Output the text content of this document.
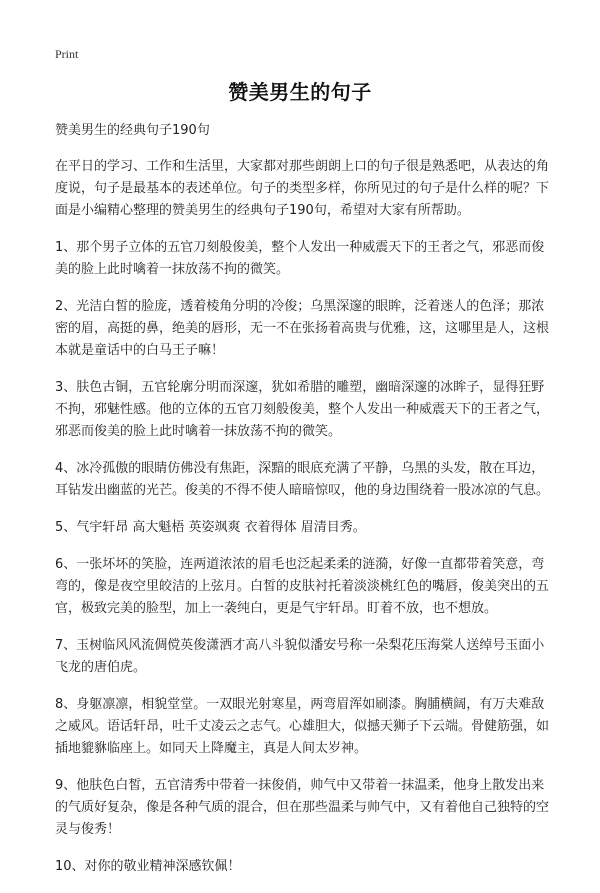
Print
赞美男生的句子

赞美男生的经典句子190句

在平日的学习、工作和生活里，大家都对那些朗朗上口的句子很是熟悉吧，从表达的角度说，句子是最基本的表述单位。句子的类型多样，你所见过的句子是什么样的呢？下面是小编精心整理的赞美男生的经典句子190句，希望对大家有所帮助。

1、那个男子立体的五官刀刻般俊美，整个人发出一种威震天下的王者之气，邪恶而俊美的脸上此时噙着一抹放荡不拘的微笑。

2、光洁白皙的脸庞，透着棱角分明的冷俊；乌黑深邃的眼眸，泛着迷人的色泽；那浓密的眉，高挺的鼻，绝美的唇形，无一不在张扬着高贵与优雅，这，这哪里是人，这根本就是童话中的白马王子嘛！

3、肤色古铜，五官轮廓分明而深邃，犹如希腊的雕塑，幽暗深邃的冰眸子，显得狂野不拘，邪魅性感。他的立体的五官刀刻般俊美，整个人发出一种威震天下的王者之气，邪恶而俊美的脸上此时噙着一抹放荡不拘的微笑。

4、冰冷孤傲的眼睛仿佛没有焦距，深黯的眼底充满了平静，乌黑的头发，散在耳边，耳钻发出幽蓝的光芒。俊美的不得不使人暗暗惊叹，他的身边围绕着一股冰凉的气息。

5、气宇轩昂 高大魁梧 英姿飒爽 衣着得体 眉清目秀。

6、一张坏坏的笑脸，连两道浓浓的眉毛也泛起柔柔的涟漪，好像一直都带着笑意，弯弯的，像是夜空里皎洁的上弦月。白皙的皮肤衬托着淡淡桃红色的嘴唇，俊美突出的五官，极致完美的脸型，加上一袭纯白，更是气宇轩昂。盯着不放，也不想放。

7、玉树临风风流倜傥英俊潇洒才高八斗貌似潘安号称一朵梨花压海棠人送绰号玉面小飞龙的唐伯虎。

8、身躯凛凛，相貌堂堂。一双眼光射寒星，两弯眉浑如刷漆。胸脯横阔，有万夫难敌之威风。语话轩昂，吐千丈凌云之志气。心雄胆大，似撼天狮子下云端。骨健筋强，如插地貔貅临座上。如同天上降魔主，真是人间太岁神。

9、他肤色白皙，五官清秀中带着一抹俊俏，帅气中又带着一抹温柔，他身上散发出来的气质好复杂，像是各种气质的混合，但在那些温柔与帅气中，又有着他自己独特的空灵与俊秀！

10、对你的敬业精神深感钦佩！
